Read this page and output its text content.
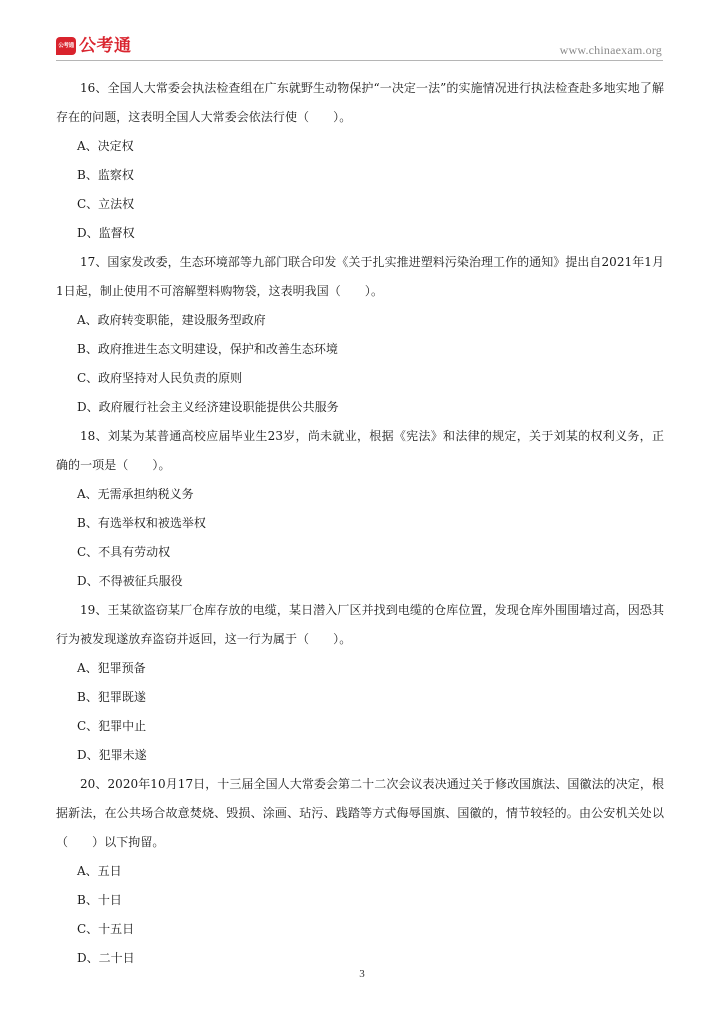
公考通 公考通	www.chinaexam.org

16、全国人大常委会执法检查组在广东就野生动物保护“一决定一法”的实施情况进行执法检查赴多地实地了解存在的问题，这表明全国人大常委会依法行使（　　）。

A、决定权

B、监察权

C、立法权

D、监督权

17、国家发改委，生态环境部等九部门联合印发《关于扎实推进塑料污染治理工作的通知》提出自2021年1月1日起，制止使用不可溶解塑料购物袋，这表明我国（　　）。

A、政府转变职能，建设服务型政府

B、政府推进生态文明建设，保护和改善生态环境

C、政府坚持对人民负责的原则

D、政府履行社会主义经济建设职能提供公共服务

18、刘某为某普通高校应届毕业生23岁，尚未就业，根据《宪法》和法律的规定，关于刘某的权利义务，正确的一项是（　　）。

A、无需承担纳税义务

B、有选举权和被选举权

C、不具有劳动权

D、不得被征兵服役

19、王某欲盗窃某厂仓库存放的电缆，某日潜入厂区并找到电缆的仓库位置，发现仓库外围围墙过高，因恐其行为被发现遂放弃盗窃并返回，这一行为属于（　　）。

A、犯罪预备

B、犯罪既遂

C、犯罪中止

D、犯罪未遂

20、2020年10月17日，十三届全国人大常委会第二十二次会议表决通过关于修改国旗法、国徽法的决定，根据新法，在公共场合故意焚烧、毁损、涂画、玷污、践踏等方式侮辱国旗、国徽的，情节较轻的。由公安机关处以（　　）以下拘留。

A、五日

B、十日

C、十五日

D、二十日

3
